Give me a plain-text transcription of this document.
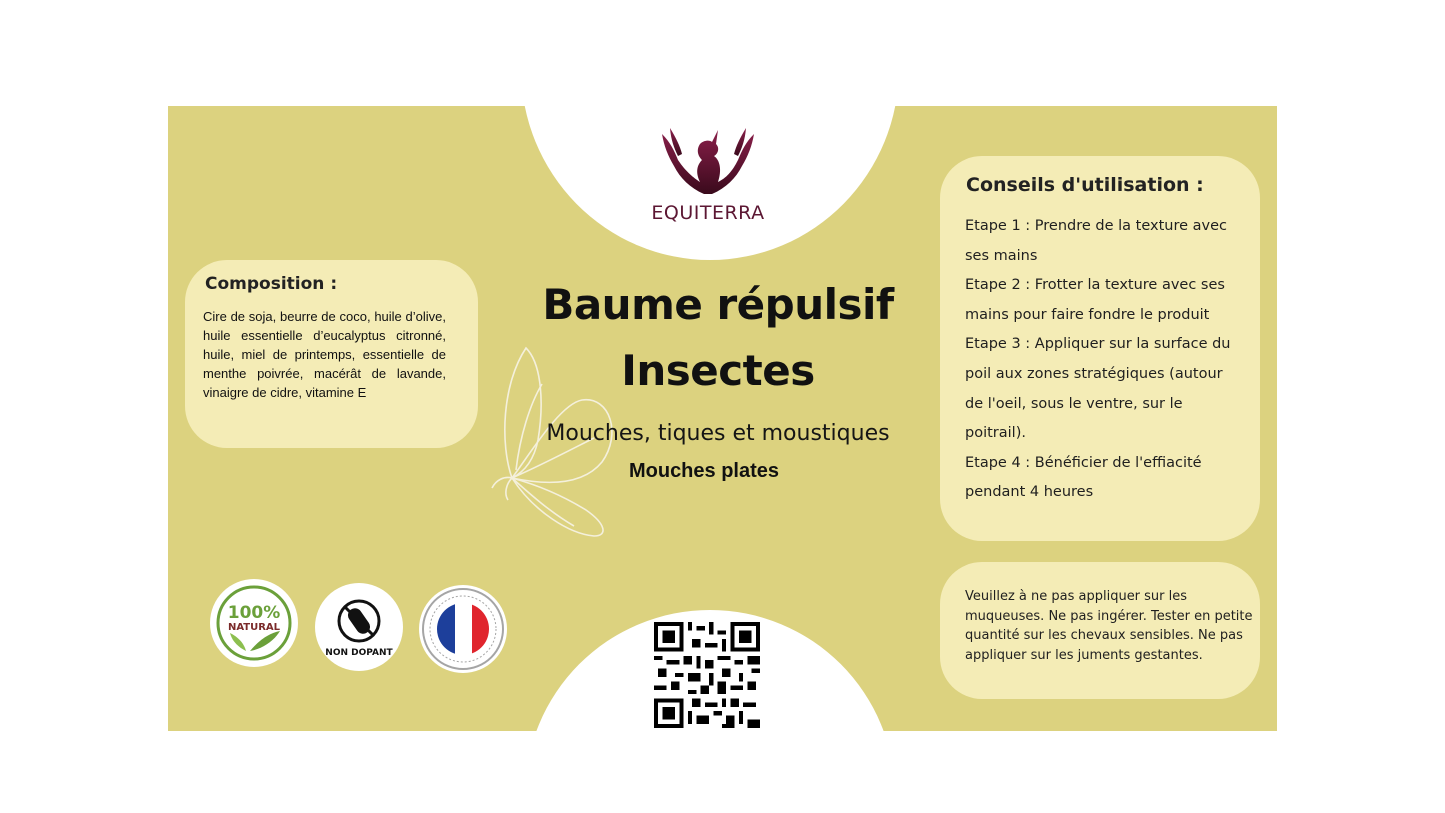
EQUITERRA
Composition :

Cire de soja, beurre de coco, huile d’olive, huile essentielle d’eucalyptus citronné, huile, miel de printemps, essentielle de menthe poivrée, macérât de lavande, vinaigre de cidre, vitamine E

Baume répulsif
Insectes

Mouches, tiques et moustiques

Mouches plates

Conseils d'utilisation :
Etape 1 : Prendre de la texture avec ses mains
Etape 2 : Frotter la texture avec ses mains pour faire fondre le produit
Etape 3 : Appliquer sur la surface du poil aux zones stratégiques (autour de l'oeil, sous le ventre, sur le poitrail).
Etape 4 : Bénéficier de l'effiacité pendant 4 heures

Veuillez à ne pas appliquer sur les muqueuses. Ne pas ingérer. Tester en petite quantité sur les chevaux sensibles. Ne pas appliquer sur les juments gestantes.

100%
NATURAL
NON DOPANT
